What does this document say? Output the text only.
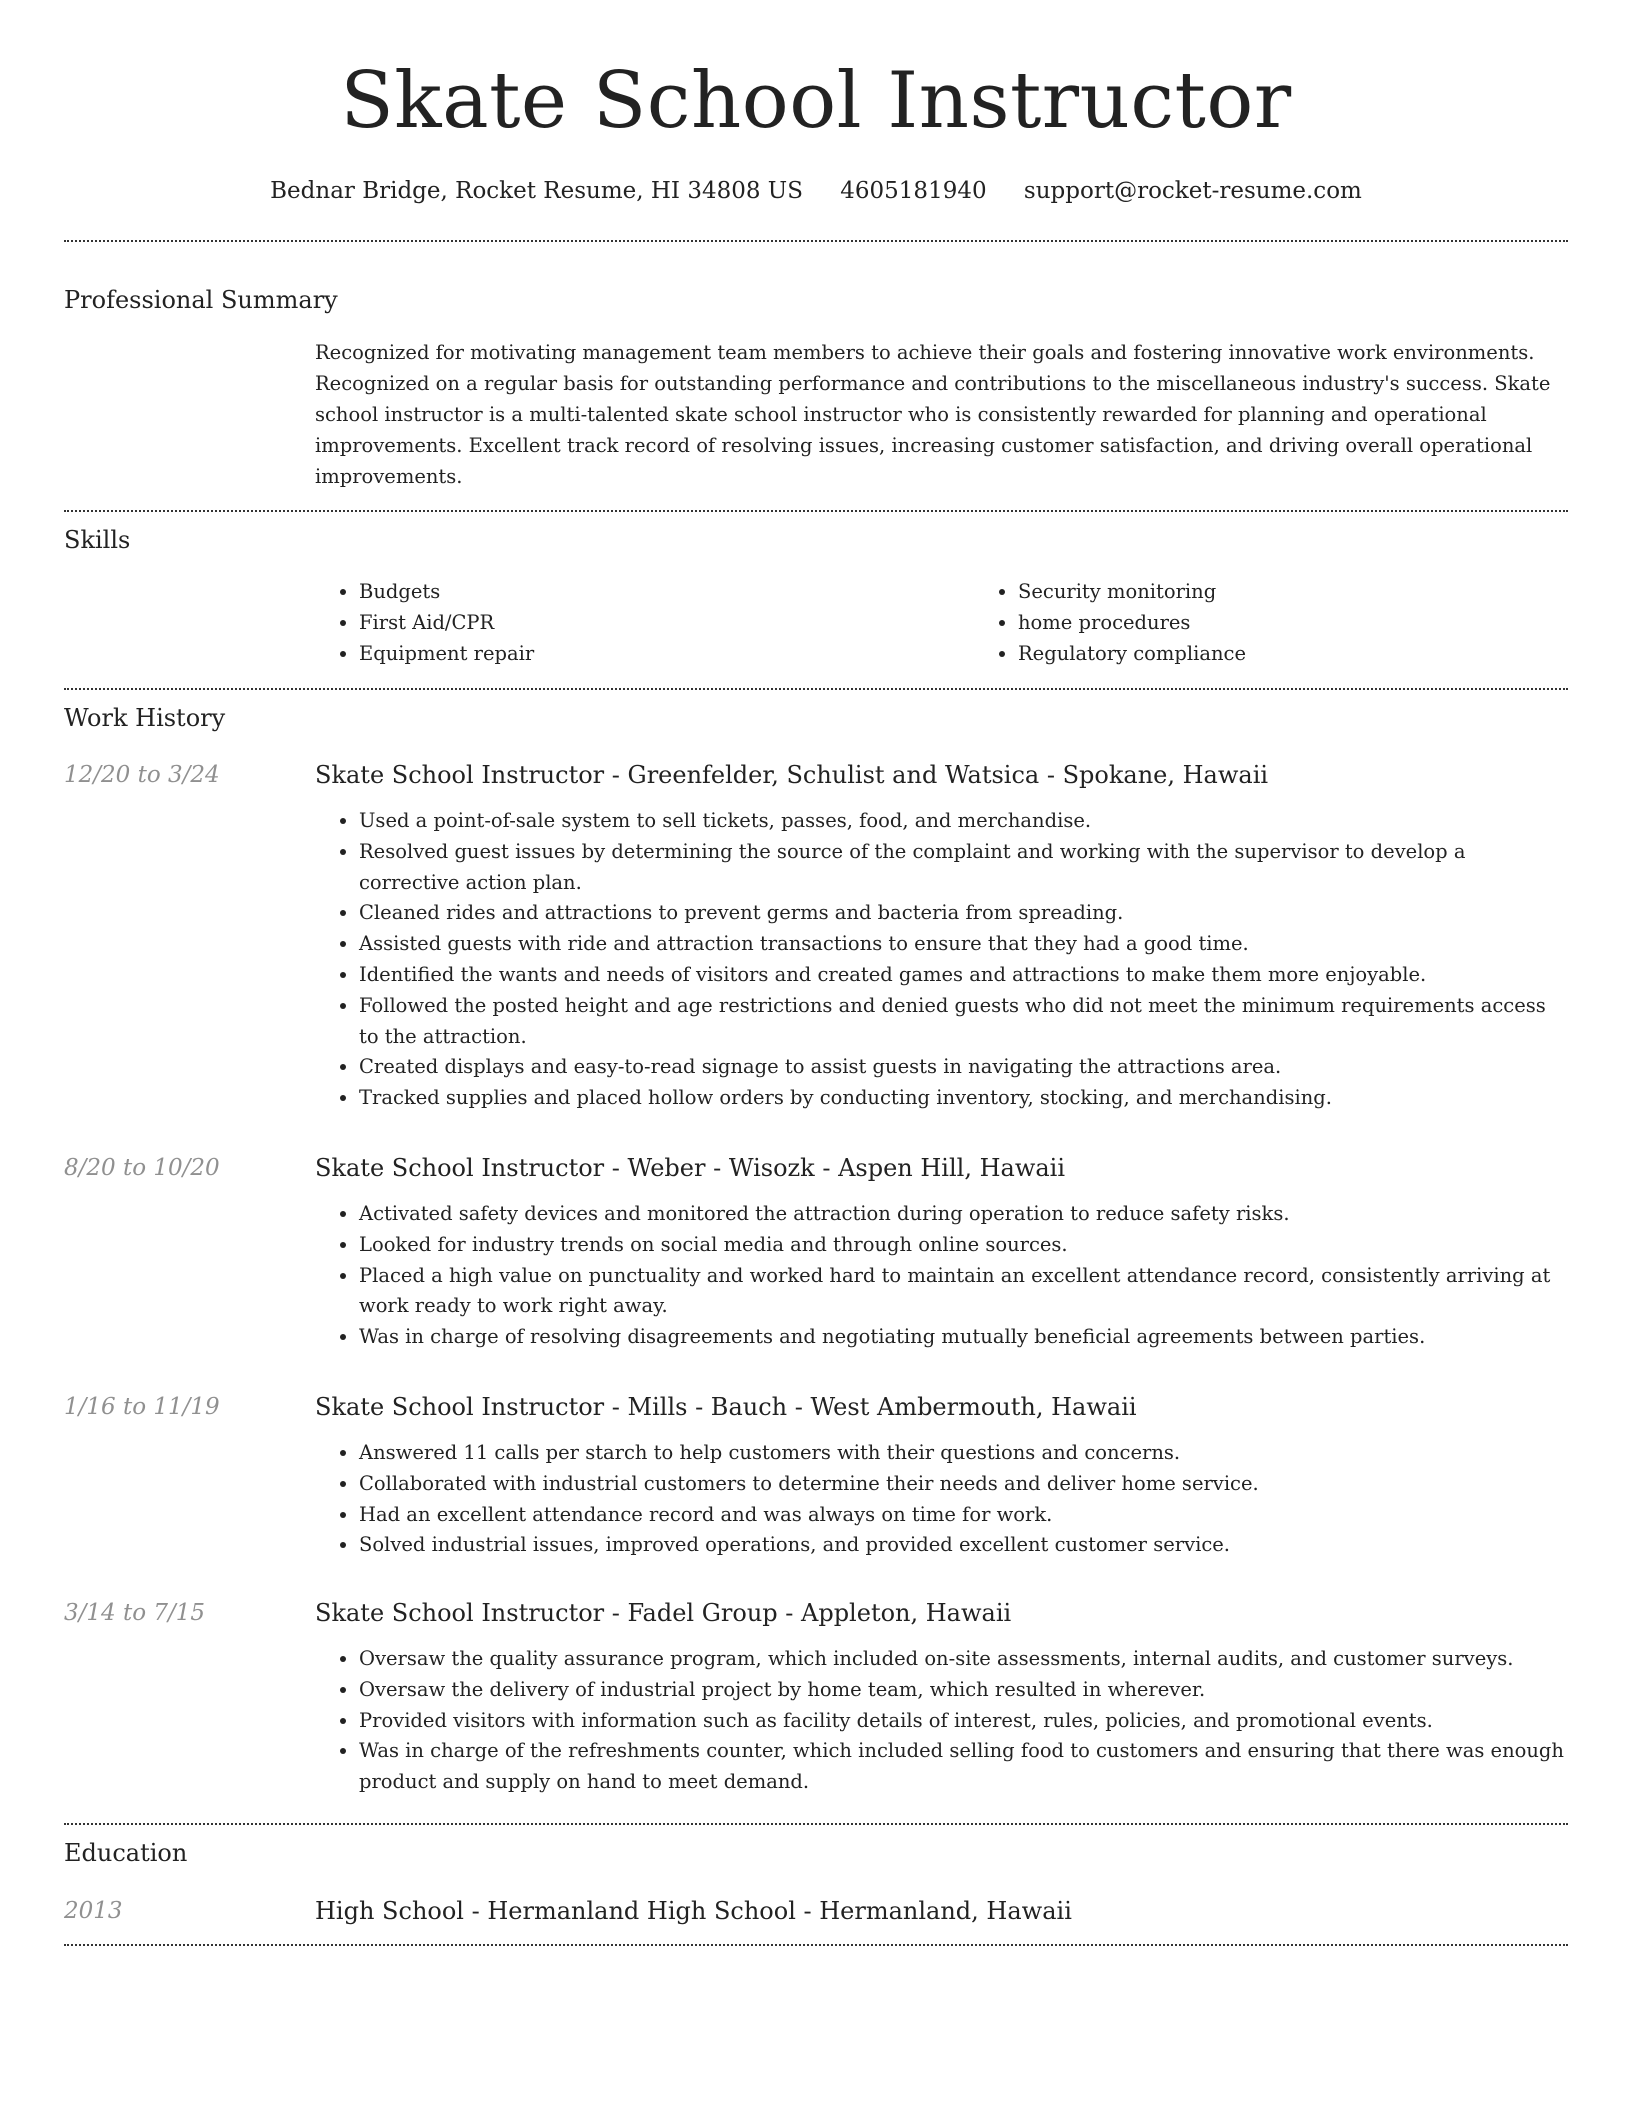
Skate School Instructor
Bednar Bridge, Rocket Resume, HI 34808 US 4605181940 support@rocket-resume.com
Professional Summary

Recognized for motivating management team members to achieve their goals and fostering innovative work environments. Recognized on a regular basis for outstanding performance and contributions to the miscellaneous industry's success. Skate school instructor is a multi-talented skate school instructor who is consistently rewarded for planning and operational improvements. Excellent track record of resolving issues, increasing customer satisfaction, and driving overall operational improvements.

Skills
• Budgets
• First Aid/CPR
• Equipment repair
• Security monitoring
• home procedures
• Regulatory compliance
Work History
12/20 to 3/24	Skate School Instructor - Greenfelder, Schulist and Watsica - Spokane, Hawaii
• Used a point-of-sale system to sell tickets, passes, food, and merchandise.
• Resolved guest issues by determining the source of the complaint and working with the supervisor to develop a corrective action plan.
• Cleaned rides and attractions to prevent germs and bacteria from spreading.
• Assisted guests with ride and attraction transactions to ensure that they had a good time.
• Identified the wants and needs of visitors and created games and attractions to make them more enjoyable.
• Followed the posted height and age restrictions and denied guests who did not meet the minimum requirements access to the attraction.
• Created displays and easy-to-read signage to assist guests in navigating the attractions area.
• Tracked supplies and placed hollow orders by conducting inventory, stocking, and merchandising.
8/20 to 10/20	Skate School Instructor - Weber - Wisozk - Aspen Hill, Hawaii
• Activated safety devices and monitored the attraction during operation to reduce safety risks.
• Looked for industry trends on social media and through online sources.
• Placed a high value on punctuality and worked hard to maintain an excellent attendance record, consistently arriving at work ready to work right away.
• Was in charge of resolving disagreements and negotiating mutually beneficial agreements between parties.
1/16 to 11/19	Skate School Instructor - Mills - Bauch - West Ambermouth, Hawaii
• Answered 11 calls per starch to help customers with their questions and concerns.
• Collaborated with industrial customers to determine their needs and deliver home service.
• Had an excellent attendance record and was always on time for work.
• Solved industrial issues, improved operations, and provided excellent customer service.
3/14 to 7/15	Skate School Instructor - Fadel Group - Appleton, Hawaii
• Oversaw the quality assurance program, which included on-site assessments, internal audits, and customer surveys.
• Oversaw the delivery of industrial project by home team, which resulted in wherever.
• Provided visitors with information such as facility details of interest, rules, policies, and promotional events.
• Was in charge of the refreshments counter, which included selling food to customers and ensuring that there was enough product and supply on hand to meet demand.
Education
2013	High School - Hermanland High School - Hermanland, Hawaii
